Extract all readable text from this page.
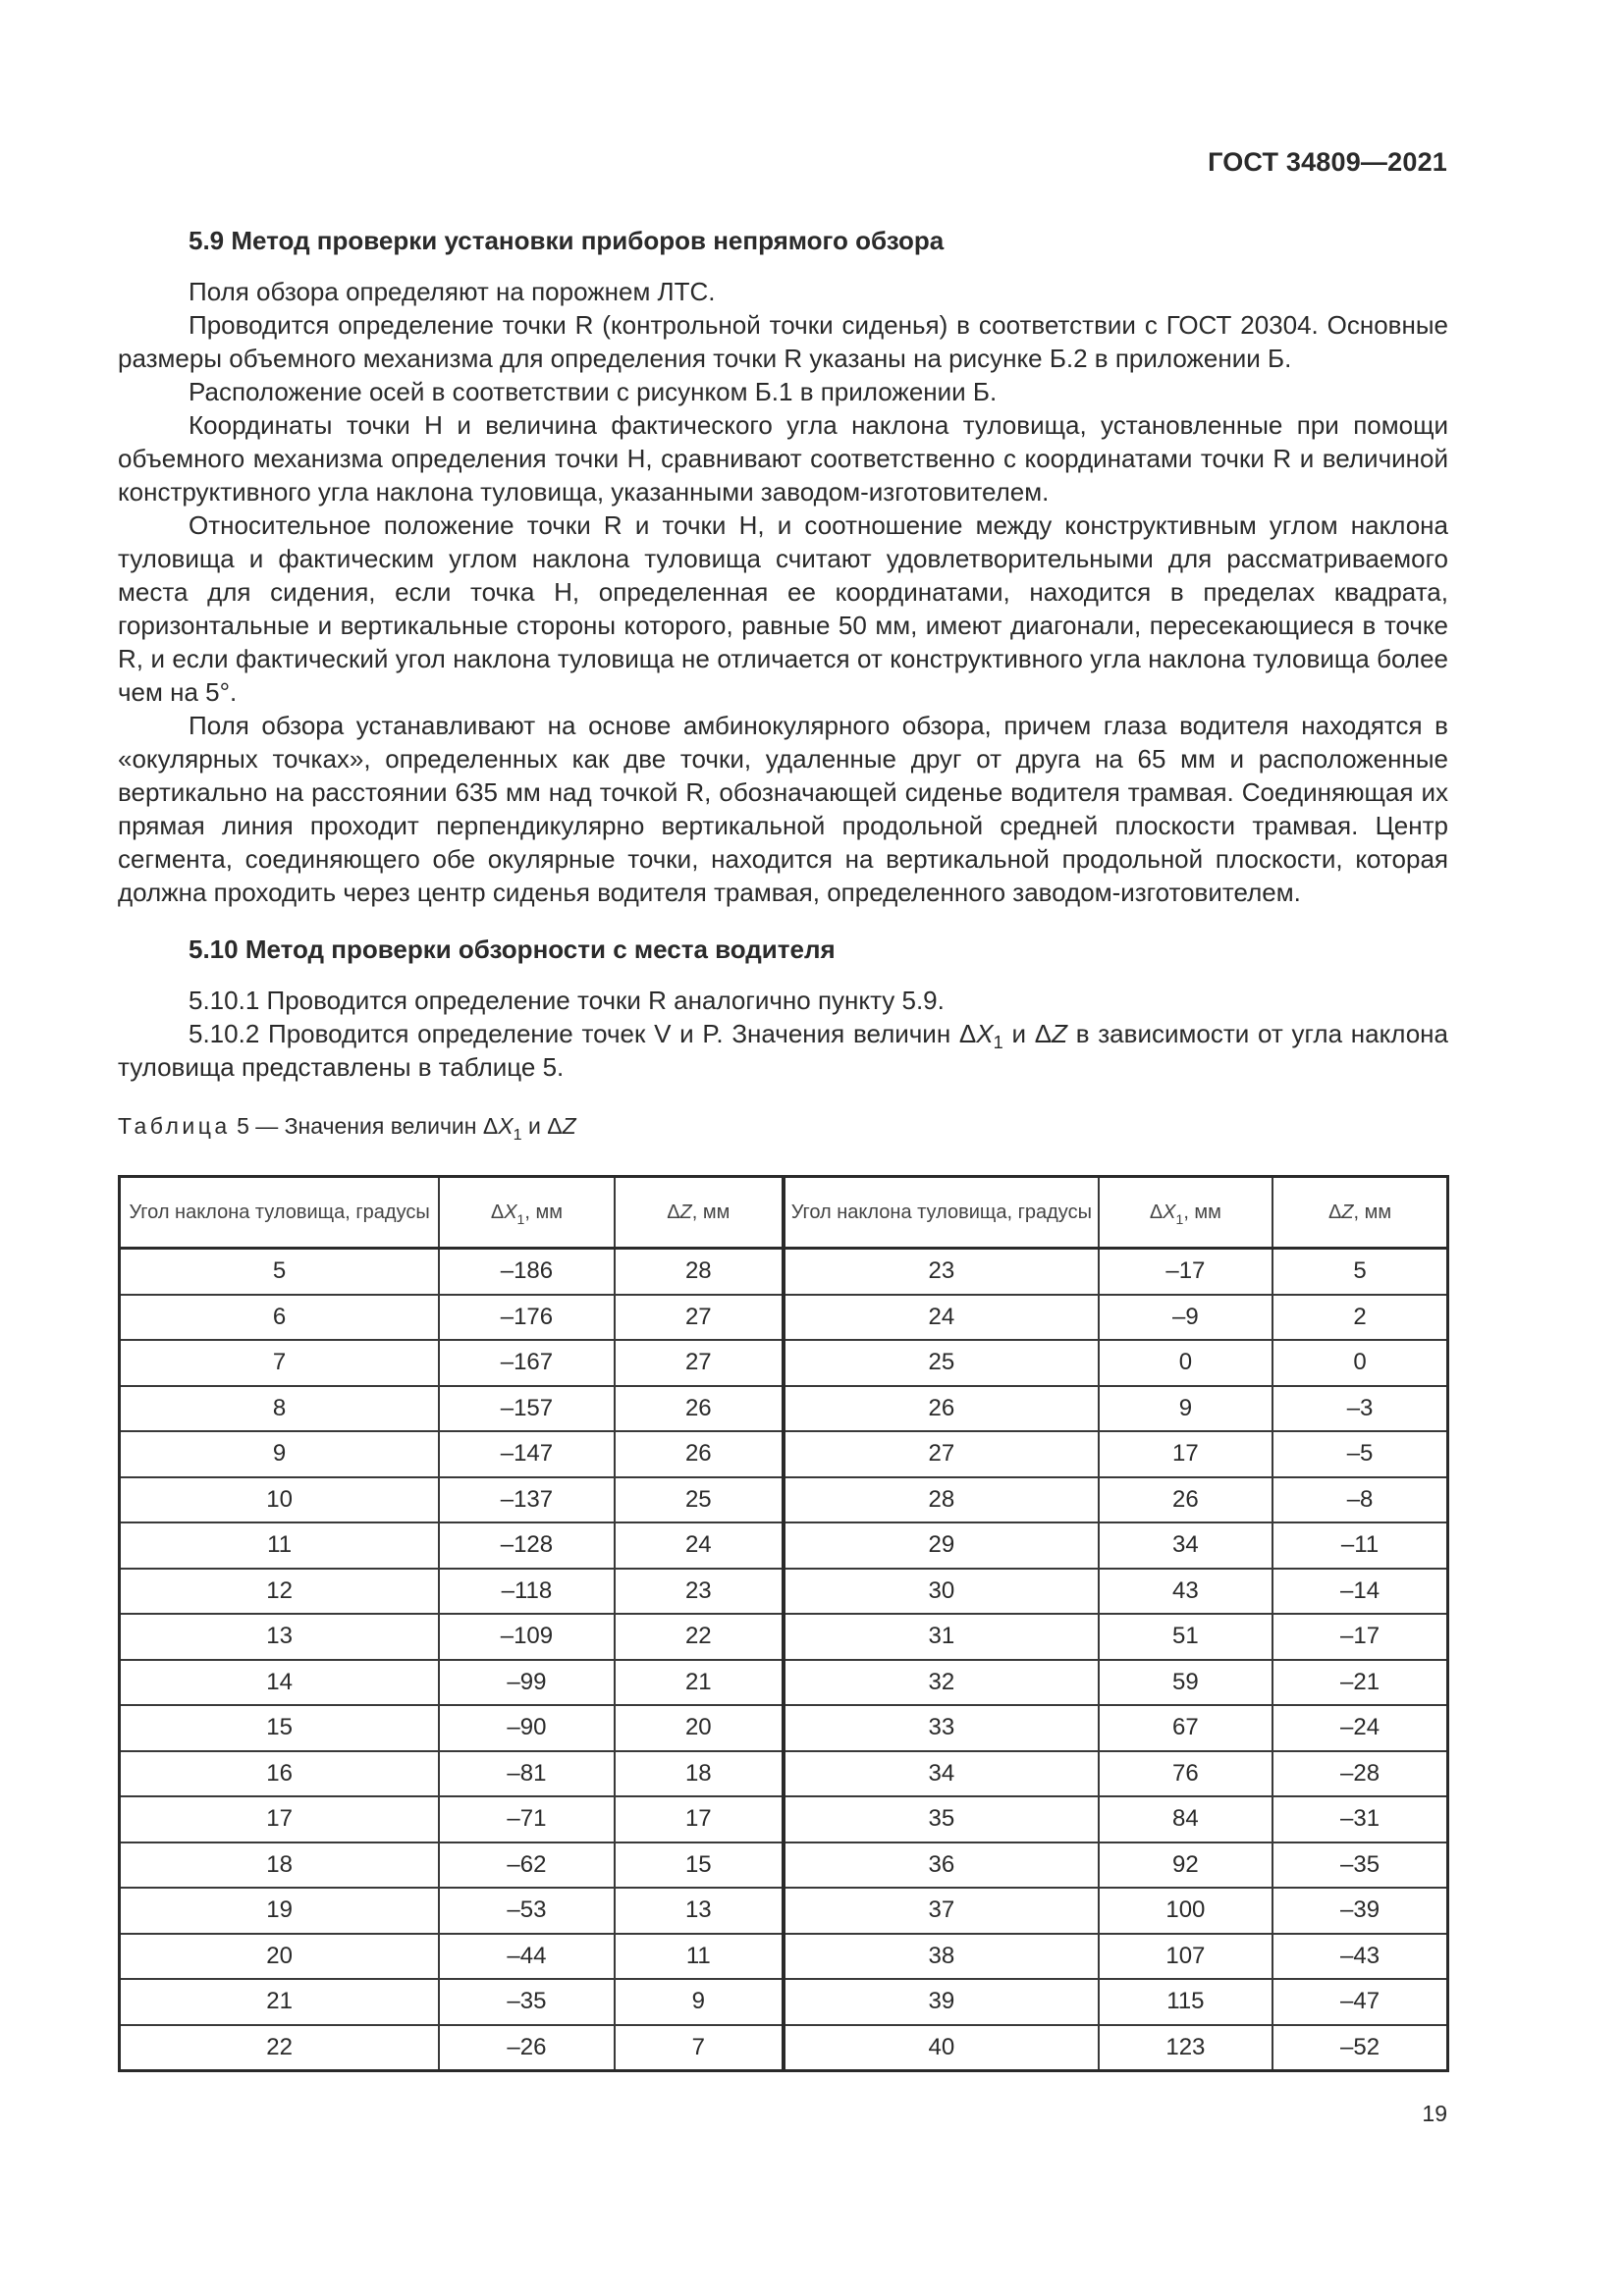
ГОСТ 34809—2021

5.9 Метод проверки установки приборов непрямого обзора

Поля обзора определяют на порожнем ЛТС.

Проводится определение точки R (контрольной точки сиденья) в соответствии с ГОСТ 20304. Основные размеры объемного механизма для определения точки R указаны на рисунке Б.2 в приложении Б.

Расположение осей в соответствии с рисунком Б.1 в приложении Б.

Координаты точки Н и величина фактического угла наклона туловища, установленные при помощи объемного механизма определения точки Н, сравнивают соответственно с координатами точки R и величиной конструктивного угла наклона туловища, указанными заводом-изготовителем.

Относительное положение точки R и точки Н, и соотношение между конструктивным углом наклона туловища и фактическим углом наклона туловища считают удовлетворительными для рассматриваемого места для сидения, если точка Н, определенная ее координатами, находится в пределах квадрата, горизонтальные и вертикальные стороны которого, равные 50 мм, имеют диагонали, пересекающиеся в точке R, и если фактический угол наклона туловища не отличается от конструктивного угла наклона туловища более чем на 5°.

Поля обзора устанавливают на основе амбинокулярного обзора, причем глаза водителя находятся в «окулярных точках», определенных как две точки, удаленные друг от друга на 65 мм и расположенные вертикально на расстоянии 635 мм над точкой R, обозначающей сиденье водителя трамвая. Соединяющая их прямая линия проходит перпендикулярно вертикальной продольной средней плоскости трамвая. Центр сегмента, соединяющего обе окулярные точки, находится на вертикальной продольной плоскости, которая должна проходить через центр сиденья водителя трамвая, определенного заводом-изготовителем.

5.10 Метод проверки обзорности с места водителя

5.10.1 Проводится определение точки R аналогично пункту 5.9.

5.10.2 Проводится определение точек V и P. Значения величин $\Delta X_1$ и ΔZ в зависимости от угла наклона туловища представлены в таблице 5.

Таблица 5 — Значения величин $\Delta X_1$ и ΔZ

Угол наклона туловища, градусы	$\Delta X_1$, мм	ΔZ, мм	Угол наклона туловища, градусы	$\Delta X_1$, мм	ΔZ, мм
5	–186	28	23	–17	5
6	–176	27	24	–9	2
7	–167	27	25	0	0
8	–157	26	26	9	–3
9	–147	26	27	17	–5
10	–137	25	28	26	–8
11	–128	24	29	34	–11
12	–118	23	30	43	–14
13	–109	22	31	51	–17
14	–99	21	32	59	–21
15	–90	20	33	67	–24
16	–81	18	34	76	–28
17	–71	17	35	84	–31
18	–62	15	36	92	–35
19	–53	13	37	100	–39
20	–44	11	38	107	–43
21	–35	9	39	115	–47
22	–26	7	40	123	–52
19
